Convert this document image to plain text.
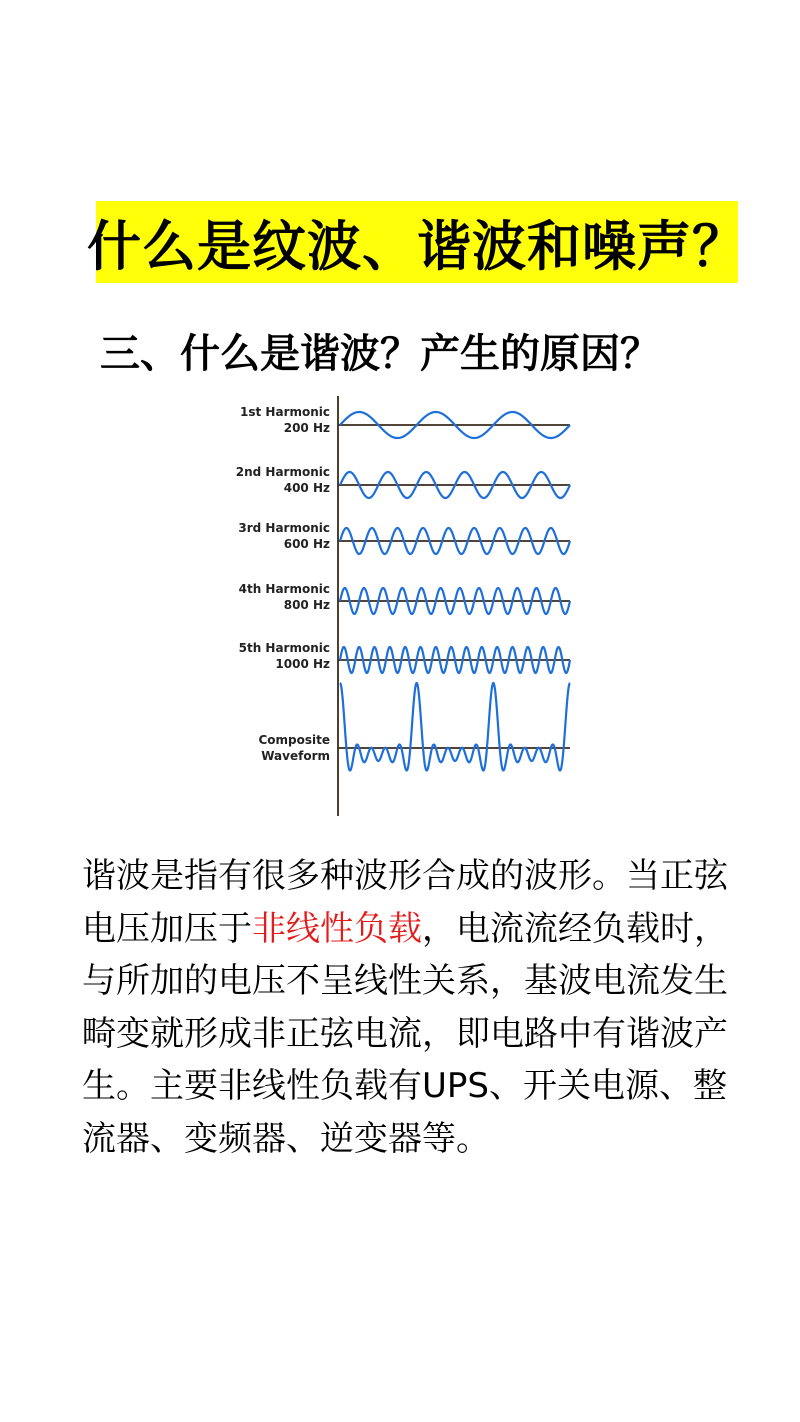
什么是纹波、谐波和噪声？
三、什么是谐波？产生的原因？
1st Harmonic
200 Hz
2nd Harmonic
400 Hz
3rd Harmonic
600 Hz
4th Harmonic
800 Hz
5th Harmonic
1000 Hz
Composite
Waveform

谐波是指有很多种波形合成的波形。当正弦电压加压于非线性负载，电流流经负载时，与所加的电压不呈线性关系，基波电流发生畸变就形成非正弦电流，即电路中有谐波产生。主要非线性负载有UPS、开关电源、整流器、变频器、逆变器等。
